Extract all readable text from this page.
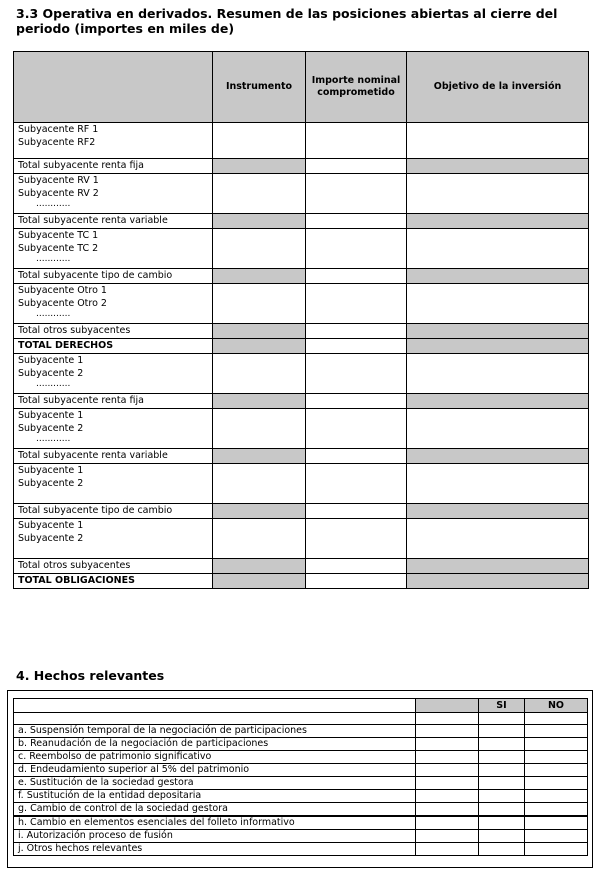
3.3 Operativa en derivados. Resumen de las posiciones abiertas al cierre del periodo (importes en miles de)
	Instrumento	Importe nominal comprometido	Objetivo de la inversión

Subyacente RF 1
Subyacente RF2			

Total subyacente renta fija			

Subyacente RV 1
Subyacente RV 2
............			

Total subyacente renta variable			

Subyacente TC 1
Subyacente TC 2
............			

Total subyacente tipo de cambio			

Subyacente Otro 1
Subyacente Otro 2
............			

Total otros subyacentes			
TOTAL DERECHOS			

Subyacente 1
Subyacente 2
............			

Total subyacente renta fija			

Subyacente 1
Subyacente 2
............			

Total subyacente renta variable			

Subyacente 1
Subyacente 2			

Total subyacente tipo de cambio			

Subyacente 1
Subyacente 2			

Total otros subyacentes			
TOTAL OBLIGACIONES			
4. Hechos relevantes
		SI	NO

a. Suspensión temporal de la negociación de participaciones			
b. Reanudación de la negociación de participaciones			
c. Reembolso de patrimonio significativo			
d. Endeudamiento superior al 5% del patrimonio			
e. Sustitución de la sociedad gestora			
f. Sustitución de la entidad depositaria			
g. Cambio de control de la sociedad gestora			
h. Cambio en elementos esenciales del folleto informativo			
i. Autorización proceso de fusión			
j. Otros hechos relevantes			
